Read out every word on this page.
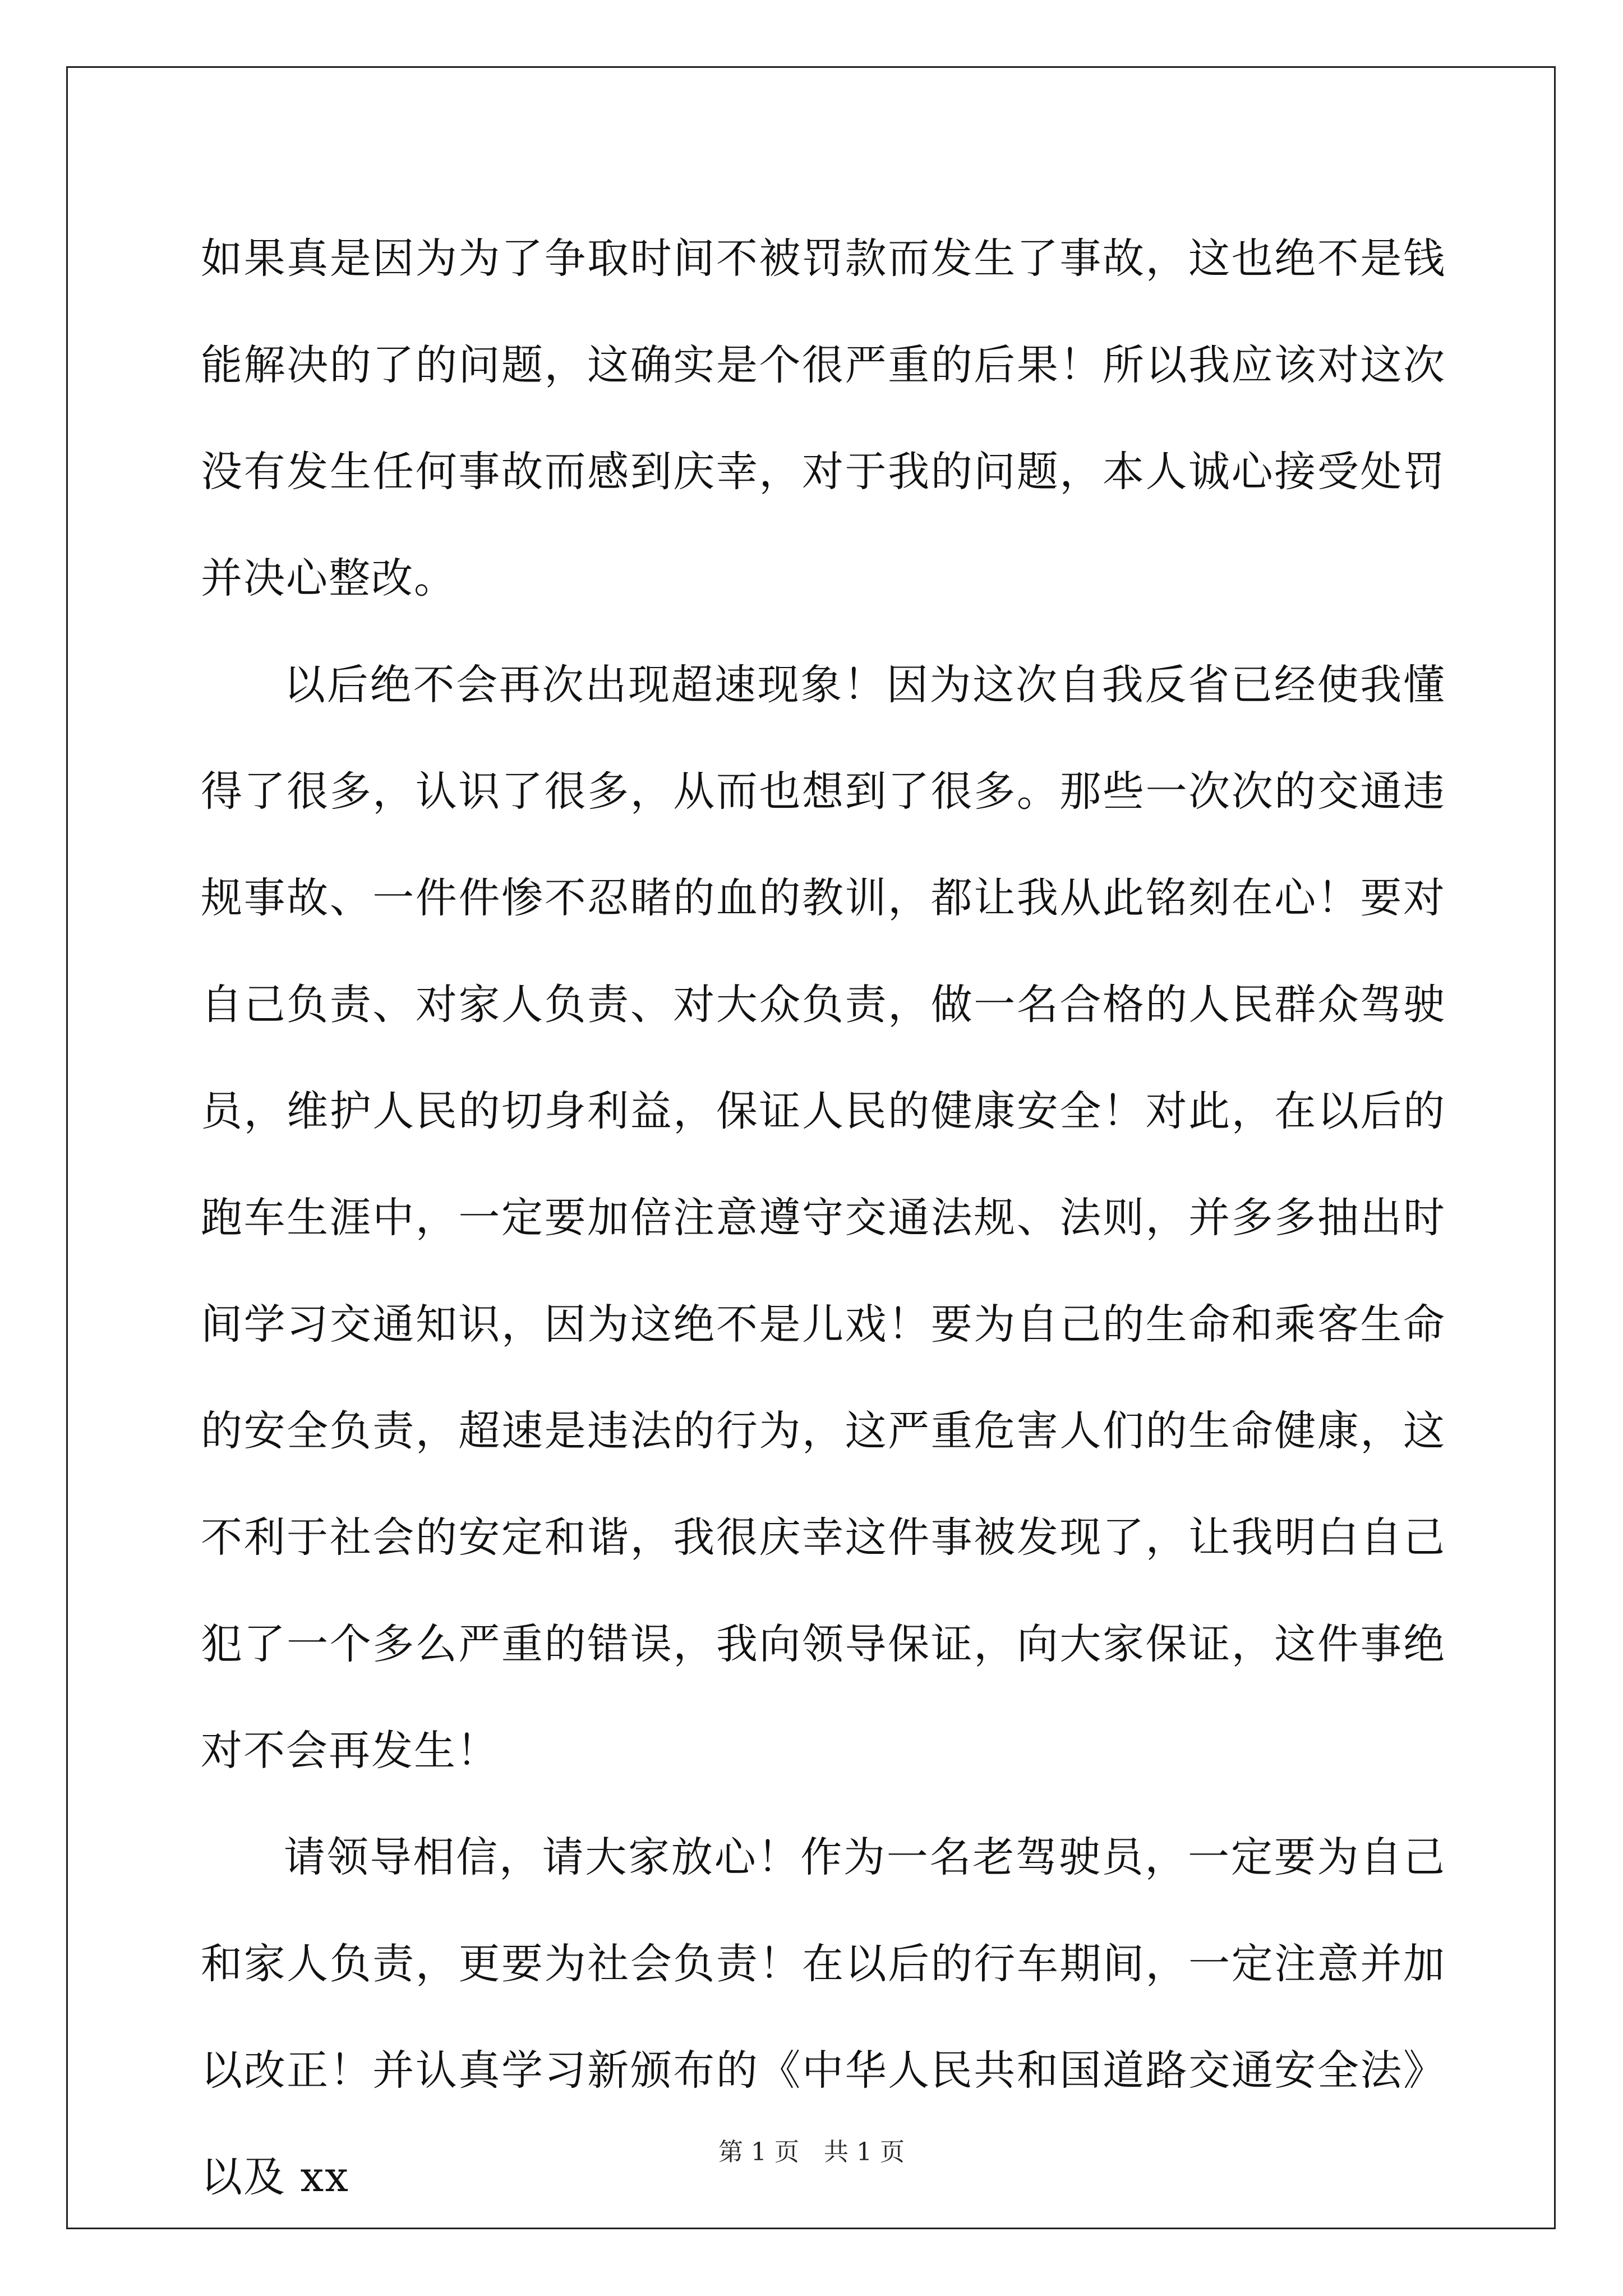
如果真是因为为了争取时间不被罚款而发生了事故，这也绝不是钱能解决的了的问题，这确实是个很严重的后果！所以我应该对这次没有发生任何事故而感到庆幸，对于我的问题，本人诚心接受处罚并决心整改。

以后绝不会再次出现超速现象！因为这次自我反省已经使我懂得了很多，认识了很多，从而也想到了很多。那些一次次的交通违规事故、一件件惨不忍睹的血的教训，都让我从此铭刻在心！要对自己负责、对家人负责、对大众负责，做一名合格的人民群众驾驶员，维护人民的切身利益，保证人民的健康安全！对此，在以后的跑车生涯中，一定要加倍注意遵守交通法规、法则，并多多抽出时间学习交通知识，因为这绝不是儿戏！要为自己的生命和乘客生命的安全负责，超速是违法的行为，这严重危害人们的生命健康，这不利于社会的安定和谐，我很庆幸这件事被发现了，让我明白自己犯了一个多么严重的错误，我向领导保证，向大家保证，这件事绝对不会再发生！

请领导相信，请大家放心！作为一名老驾驶员，一定要为自己和家人负责，更要为社会负责！在以后的行车期间，一定注意并加以改正！并认真学习新颁布的《中华人民共和国道路交通安全法》以及 xx

第 1 页　共 1 页
